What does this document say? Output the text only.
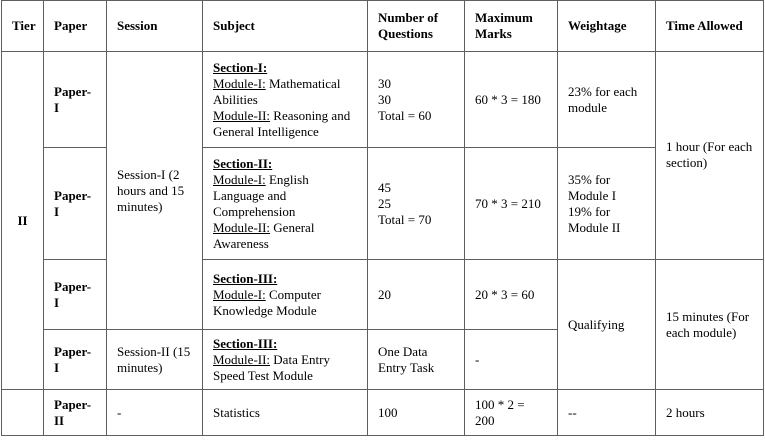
Tier	Paper	Session	Subject	Number of Questions	Maximum Marks	Weightage	Time Allowed
II	Paper-I	Session-I (2 hours and 15 minutes)	Section-I:
Module-I: Mathematical Abilities
Module-II: Reasoning and General Intelligence	30
30
Total = 60	60 * 3 = 180	23% for each module	1 hour (For each section)
	Paper-I		Section-II:
Module-I: English Language and Comprehension
Module-II: General Awareness	45
25
Total = 70	70 * 3 = 210	35% for Module I
19% for Module II	

	Paper-I		Section-III:
Module-I: Computer Knowledge Module	20	20 * 3 = 60	Qualifying	15 minutes (For each module)
	Paper-I	Session-II (15 minutes)	Section-III:
Module-II: Data Entry Speed Test Module	One Data Entry Task	-		
	Paper-II	-	Statistics	100	100 * 2 = 200	--	2 hours
